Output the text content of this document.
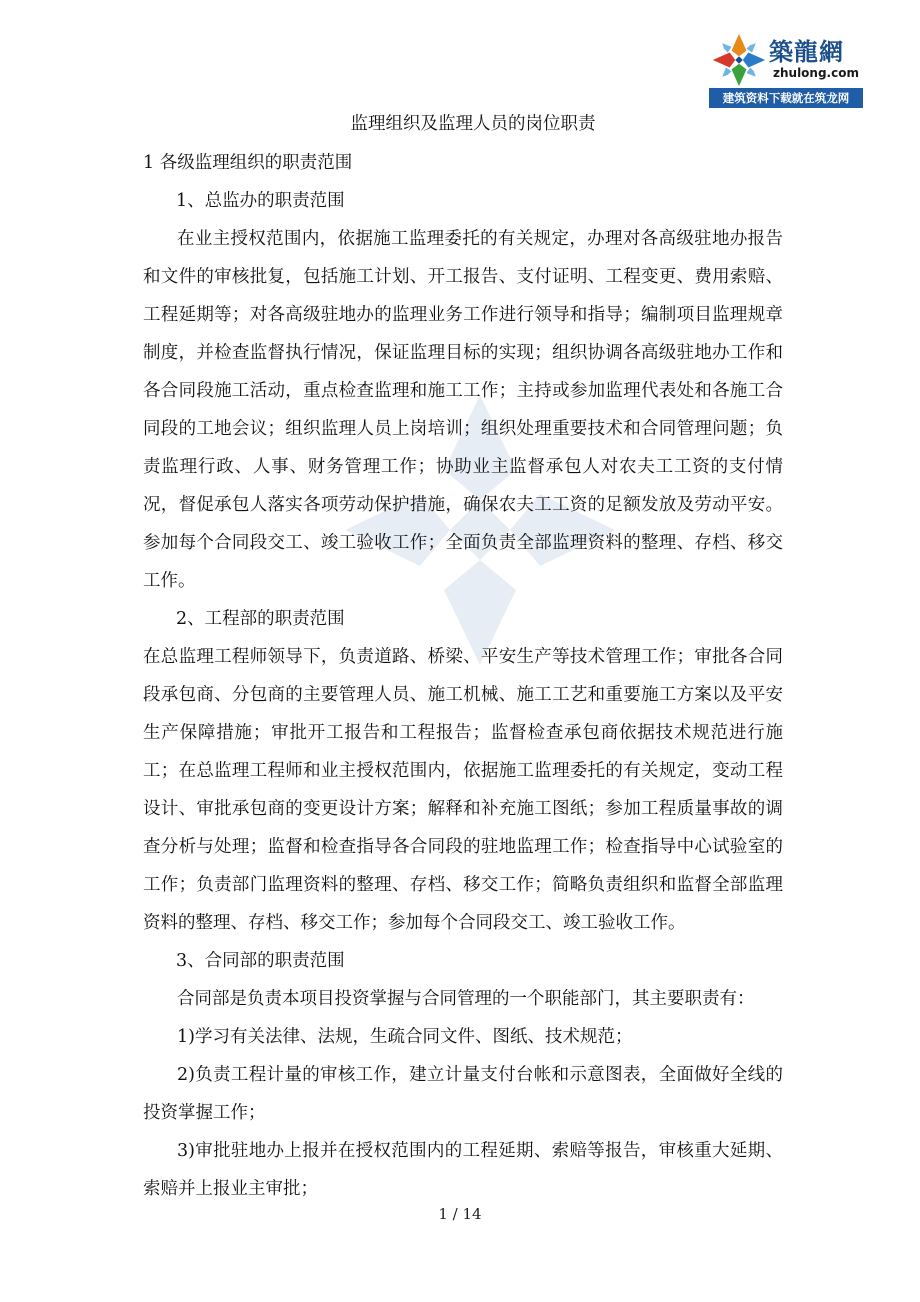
築龍網
zhulong.com
建筑资料下载就在筑龙网
监理组织及监理人员的岗位职责

1 各级监理组织的职责范围

1、总监办的职责范围

在业主授权范围内，依据施工监理委托的有关规定，办理对各高级驻地办报告和文件的审核批复，包括施工计划、开工报告、支付证明、工程变更、费用索赔、工程延期等；对各高级驻地办的监理业务工作进行领导和指导；编制项目监理规章制度，并检查监督执行情况，保证监理目标的实现；组织协调各高级驻地办工作和各合同段施工活动，重点检查监理和施工工作；主持或参加监理代表处和各施工合同段的工地会议；组织监理人员上岗培训；组织处理重要技术和合同管理问题；负责监理行政、人事、财务管理工作；协助业主监督承包人对农夫工工资的支付情况，督促承包人落实各项劳动保护措施，确保农夫工工资的足额发放及劳动平安。参加每个合同段交工、竣工验收工作；全面负责全部监理资料的整理、存档、移交工作。

2、工程部的职责范围

在总监理工程师领导下，负责道路、桥梁、平安生产等技术管理工作；审批各合同段承包商、分包商的主要管理人员、施工机械、施工工艺和重要施工方案以及平安生产保障措施；审批开工报告和工程报告；监督检查承包商依据技术规范进行施工；在总监理工程师和业主授权范围内，依据施工监理委托的有关规定，变动工程设计、审批承包商的变更设计方案；解释和补充施工图纸；参加工程质量事故的调查分析与处理；监督和检查指导各合同段的驻地监理工作；检查指导中心试验室的工作；负责部门监理资料的整理、存档、移交工作；简略负责组织和监督全部监理资料的整理、存档、移交工作；参加每个合同段交工、竣工验收工作。

3、合同部的职责范围

合同部是负责本项目投资掌握与合同管理的一个职能部门，其主要职责有：

1)学习有关法律、法规，生疏合同文件、图纸、技术规范；

2)负责工程计量的审核工作，建立计量支付台帐和示意图表，全面做好全线的投资掌握工作；

3)审批驻地办上报并在授权范围内的工程延期、索赔等报告，审核重大延期、索赔并上报业主审批；

1 / 14
